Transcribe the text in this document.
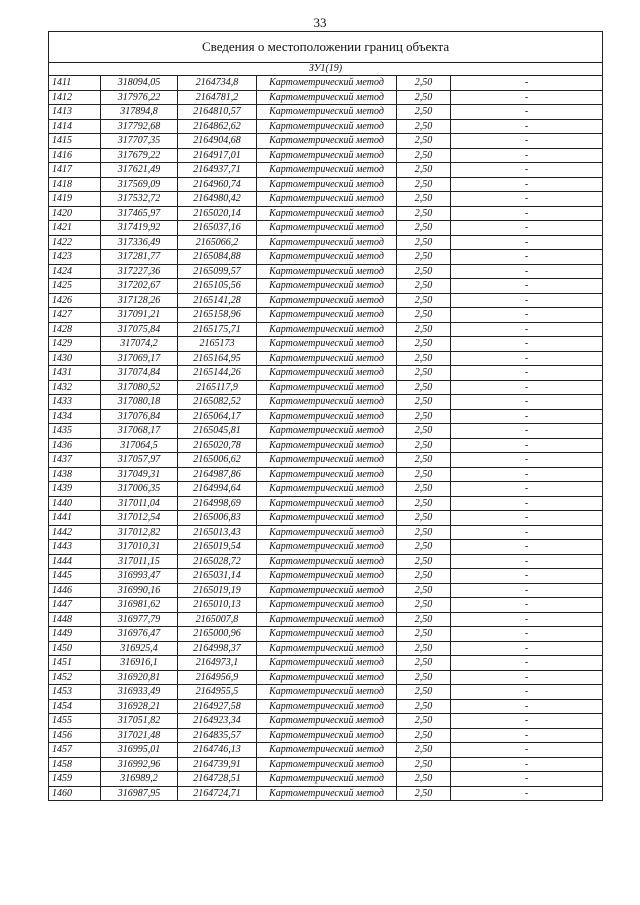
33
Сведения о местоположении границ объекта					
ЗУ1(19)					
1411	318094,05	2164734,8	Картометрический метод	2,50	-
1412	317976,22	2164781,2	Картометрический метод	2,50	-
1413	317894,8	2164810,57	Картометрический метод	2,50	-
1414	317792,68	2164862,62	Картометрический метод	2,50	-
1415	317707,35	2164904,68	Картометрический метод	2,50	-
1416	317679,22	2164917,01	Картометрический метод	2,50	-
1417	317621,49	2164937,71	Картометрический метод	2,50	-
1418	317569,09	2164960,74	Картометрический метод	2,50	-
1419	317532,72	2164980,42	Картометрический метод	2,50	-
1420	317465,97	2165020,14	Картометрический метод	2,50	-
1421	317419,92	2165037,16	Картометрический метод	2,50	-
1422	317336,49	2165066,2	Картометрический метод	2,50	-
1423	317281,77	2165084,88	Картометрический метод	2,50	-
1424	317227,36	2165099,57	Картометрический метод	2,50	-
1425	317202,67	2165105,56	Картометрический метод	2,50	-
1426	317128,26	2165141,28	Картометрический метод	2,50	-
1427	317091,21	2165158,96	Картометрический метод	2,50	-
1428	317075,84	2165175,71	Картометрический метод	2,50	-
1429	317074,2	2165173	Картометрический метод	2,50	-
1430	317069,17	2165164,95	Картометрический метод	2,50	-
1431	317074,84	2165144,26	Картометрический метод	2,50	-
1432	317080,52	2165117,9	Картометрический метод	2,50	-
1433	317080,18	2165082,52	Картометрический метод	2,50	-
1434	317076,84	2165064,17	Картометрический метод	2,50	-
1435	317068,17	2165045,81	Картометрический метод	2,50	-
1436	317064,5	2165020,78	Картометрический метод	2,50	-
1437	317057,97	2165006,62	Картометрический метод	2,50	-
1438	317049,31	2164987,86	Картометрический метод	2,50	-
1439	317006,35	2164994,64	Картометрический метод	2,50	-
1440	317011,04	2164998,69	Картометрический метод	2,50	-
1441	317012,54	2165006,83	Картометрический метод	2,50	-
1442	317012,82	2165013,43	Картометрический метод	2,50	-
1443	317010,31	2165019,54	Картометрический метод	2,50	-
1444	317011,15	2165028,72	Картометрический метод	2,50	-
1445	316993,47	2165031,14	Картометрический метод	2,50	-
1446	316990,16	2165019,19	Картометрический метод	2,50	-
1447	316981,62	2165010,13	Картометрический метод	2,50	-
1448	316977,79	2165007,8	Картометрический метод	2,50	-
1449	316976,47	2165000,96	Картометрический метод	2,50	-
1450	316925,4	2164998,37	Картометрический метод	2,50	-
1451	316916,1	2164973,1	Картометрический метод	2,50	-
1452	316920,81	2164956,9	Картометрический метод	2,50	-
1453	316933,49	2164955,5	Картометрический метод	2,50	-
1454	316928,21	2164927,58	Картометрический метод	2,50	-
1455	317051,82	2164923,34	Картометрический метод	2,50	-
1456	317021,48	2164835,57	Картометрический метод	2,50	-
1457	316995,01	2164746,13	Картометрический метод	2,50	-
1458	316992,96	2164739,91	Картометрический метод	2,50	-
1459	316989,2	2164728,51	Картометрический метод	2,50	-
1460	316987,95	2164724,71	Картометрический метод	2,50	-
